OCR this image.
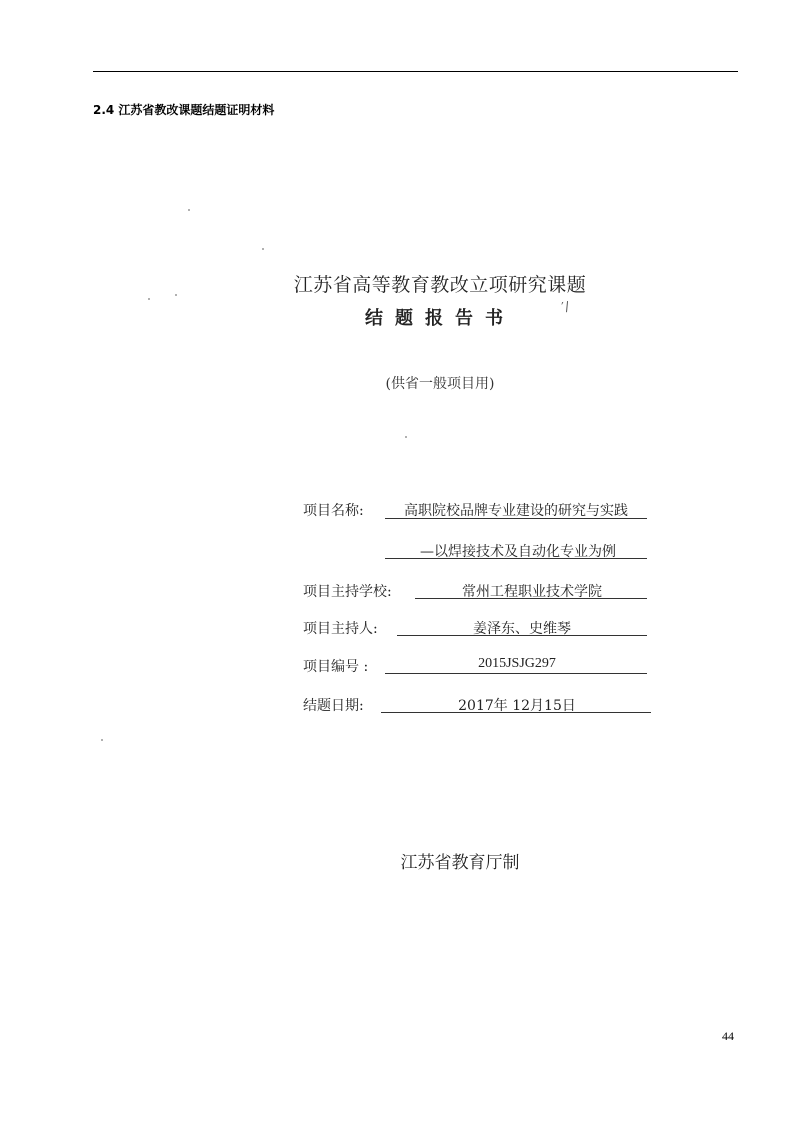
2.4 江苏省教改课题结题证明材料
江苏省高等教育教改立项研究课题
结题报告书
′/
(供省一般项目用)
项目名称:	高职院校品牌专业建设的研究与实践
—以焊接技术及自动化专业为例
项目主持学校:	常州工程职业技术学院
项目主持人:	姜泽东、史维琴
项目编号 :	2015JSJG297
结题日期:	2017年 12月15日
江苏省教育厅制
44
